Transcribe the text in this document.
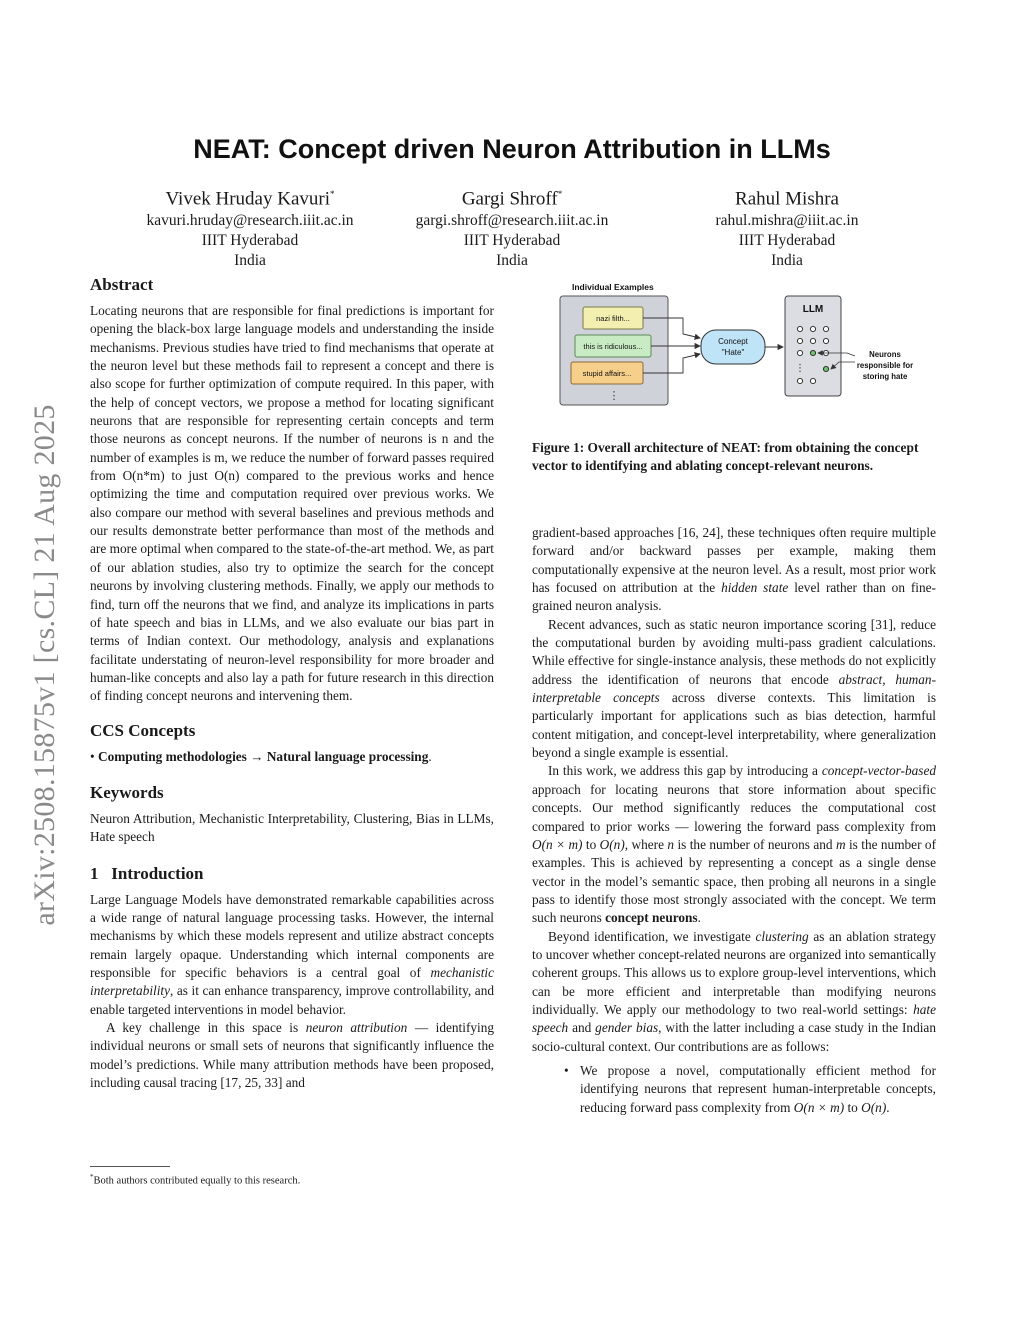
arXiv:2508.15875v1 [cs.CL] 21 Aug 2025
NEAT: Concept driven Neuron Attribution in LLMs
Vivek Hruday Kavuri*
kavuri.hruday@research.iiit.ac.in
IIIT Hyderabad
India
Gargi Shroff*
gargi.shroff@research.iiit.ac.in
IIIT Hyderabad
India
Rahul Mishra
rahul.mishra@iiit.ac.in
IIIT Hyderabad
India
Abstract
Locating neurons that are responsible for final predictions is important for opening the black-box large language models and understanding the inside mechanisms. Previous studies have tried to find mechanisms that operate at the neuron level but these methods fail to represent a concept and there is also scope for further optimization of compute required. In this paper, with the help of concept vectors, we propose a method for locating significant neurons that are responsible for representing certain concepts and term those neurons as concept neurons. If the number of neurons is n and the number of examples is m, we reduce the number of forward passes required from O(n*m) to just O(n) compared to the previous works and hence optimizing the time and computation required over previous works. We also compare our method with several baselines and previous methods and our results demonstrate better performance than most of the methods and are more optimal when compared to the state-of-the-art method. We, as part of our ablation studies, also try to optimize the search for the concept neurons by involving clustering methods. Finally, we apply our methods to find, turn off the neurons that we find, and analyze its implications in parts of hate speech and bias in LLMs, and we also evaluate our bias part in terms of Indian context. Our methodology, analysis and explanations facilitate understating of neuron-level responsibility for more broader and human-like concepts and also lay a path for future research in this direction of finding concept neurons and intervening them.
CCS Concepts
• Computing methodologies → Natural language processing.
Keywords
Neuron Attribution, Mechanistic Interpretability, Clustering, Bias in LLMs, Hate speech
1 Introduction

Large Language Models have demonstrated remarkable capabilities across a wide range of natural language processing tasks. However, the internal mechanisms by which these models represent and utilize abstract concepts remain largely opaque. Understanding which internal components are responsible for specific behaviors is a central goal of mechanistic interpretability, as it can enhance transparency, improve controllability, and enable targeted interventions in model behavior.

A key challenge in this space is neuron attribution — identifying individual neurons or small sets of neurons that significantly influence the model’s predictions. While many attribution methods have been proposed, including causal tracing [17, 25, 33] and

*Both authors contributed equally to this research.
Individual Examples
nazi filth...
this is ridiculous...
stupid affairs...
⋮
Concept
"Hate"
LLM
⋮
Neurons
responsible for
storing hate
Figure 1: Overall architecture of NEAT: from obtaining the concept vector to identifying and ablating concept-relevant neurons.

gradient-based approaches [16, 24], these techniques often require multiple forward and/or backward passes per example, making them computationally expensive at the neuron level. As a result, most prior work has focused on attribution at the hidden state level rather than on fine-grained neuron analysis.

Recent advances, such as static neuron importance scoring [31], reduce the computational burden by avoiding multi-pass gradient calculations. While effective for single-instance analysis, these methods do not explicitly address the identification of neurons that encode abstract, human-interpretable concepts across diverse contexts. This limitation is particularly important for applications such as bias detection, harmful content mitigation, and concept-level interpretability, where generalization beyond a single example is essential.

In this work, we address this gap by introducing a concept-vector-based approach for locating neurons that store information about specific concepts. Our method significantly reduces the computational cost compared to prior works — lowering the forward pass complexity from O(n × m) to O(n), where n is the number of neurons and m is the number of examples. This is achieved by representing a concept as a single dense vector in the model’s semantic space, then probing all neurons in a single pass to identify those most strongly associated with the concept. We term such neurons concept neurons.

Beyond identification, we investigate clustering as an ablation strategy to uncover whether concept-related neurons are organized into semantically coherent groups. This allows us to explore group-level interventions, which can be more efficient and interpretable than modifying neurons individually. We apply our methodology to two real-world settings: hate speech and gender bias, with the latter including a case study in the Indian socio-cultural context. Our contributions are as follows:

• We propose a novel, computationally efficient method for identifying neurons that represent human-interpretable concepts, reducing forward pass complexity from O(n × m) to O(n).
